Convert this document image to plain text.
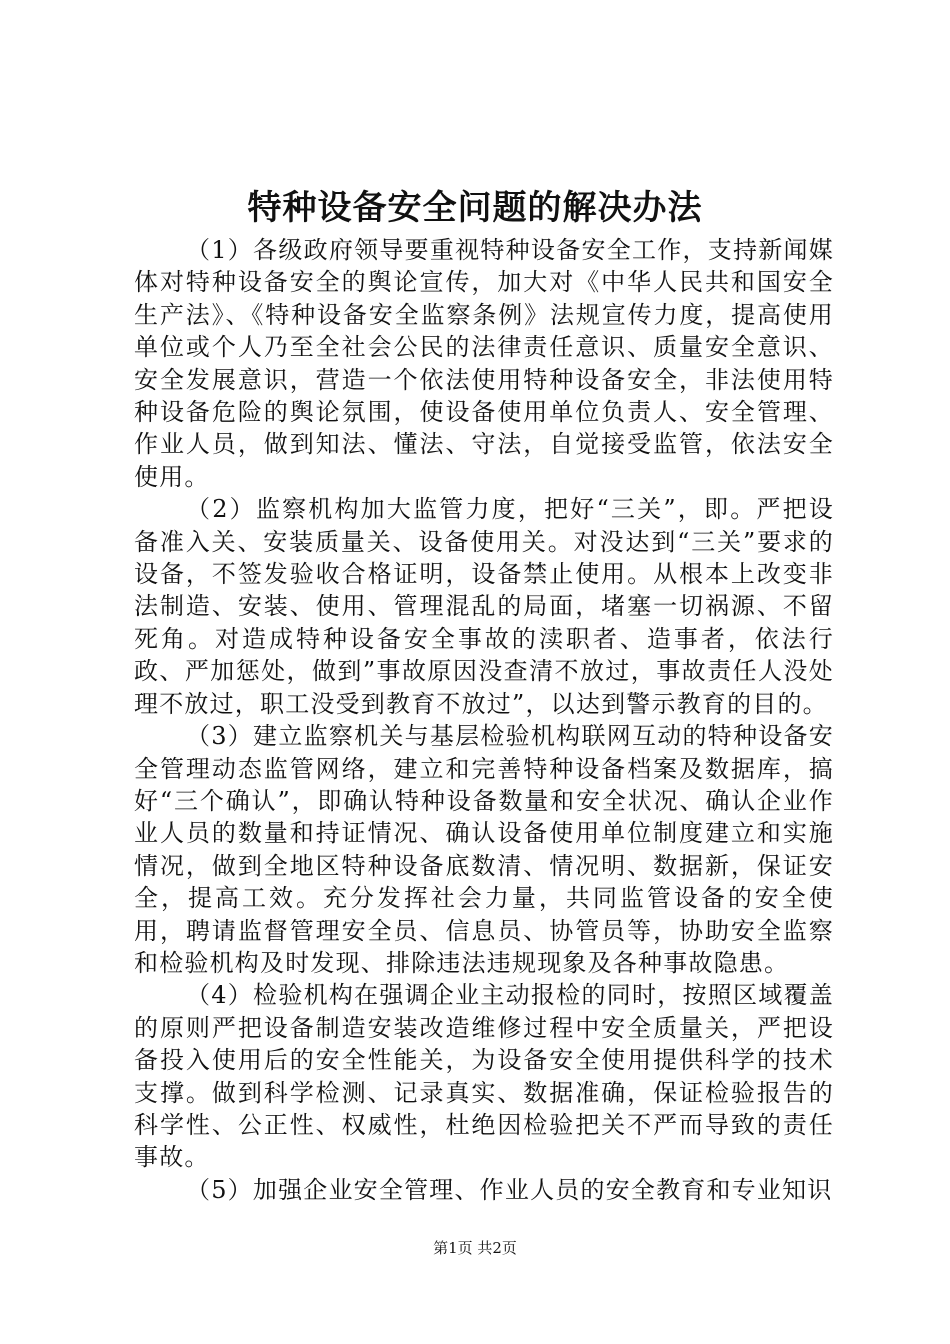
特种设备安全问题的解决办法

（1）各级政府领导要重视特种设备安全工作，支持新闻媒体对特种设备安全的舆论宣传，加大对《中华人民共和国安全生产法》、《特种设备安全监察条例》法规宣传力度，提高使用单位或个人乃至全社会公民的法律责任意识、质量安全意识、安全发展意识，营造一个依法使用特种设备安全，非法使用特种设备危险的舆论氛围，使设备使用单位负责人、安全管理、作业人员，做到知法、懂法、守法，自觉接受监管，依法安全使用。

（2）监察机构加大监管力度，把好“三关”，即。严把设备准入关、安装质量关、设备使用关。对没达到“三关”要求的设备，不签发验收合格证明，设备禁止使用。从根本上改变非法制造、安装、使用、管理混乱的局面，堵塞一切祸源、不留死角。对造成特种设备安全事故的渎职者、造事者，依法行政、严加惩处，做到”事故原因没查清不放过，事故责任人没处理不放过，职工没受到教育不放过”，以达到警示教育的目的。

（3）建立监察机关与基层检验机构联网互动的特种设备安全管理动态监管网络，建立和完善特种设备档案及数据库，搞好“三个确认”，即确认特种设备数量和安全状况、确认企业作业人员的数量和持证情况、确认设备使用单位制度建立和实施情况，做到全地区特种设备底数清、情况明、数据新，保证安全，提高工效。充分发挥社会力量，共同监管设备的安全使用，聘请监督管理安全员、信息员、协管员等，协助安全监察和检验机构及时发现、排除违法违规现象及各种事故隐患。

（4）检验机构在强调企业主动报检的同时，按照区域覆盖的原则严把设备制造安装改造维修过程中安全质量关，严把设备投入使用后的安全性能关，为设备安全使用提供科学的技术支撑。做到科学检测、记录真实、数据准确，保证检验报告的科学性、公正性、权威性，杜绝因检验把关不严而导致的责任事故。

（5）加强企业安全管理、作业人员的安全教育和专业知识

第1页 共2页
